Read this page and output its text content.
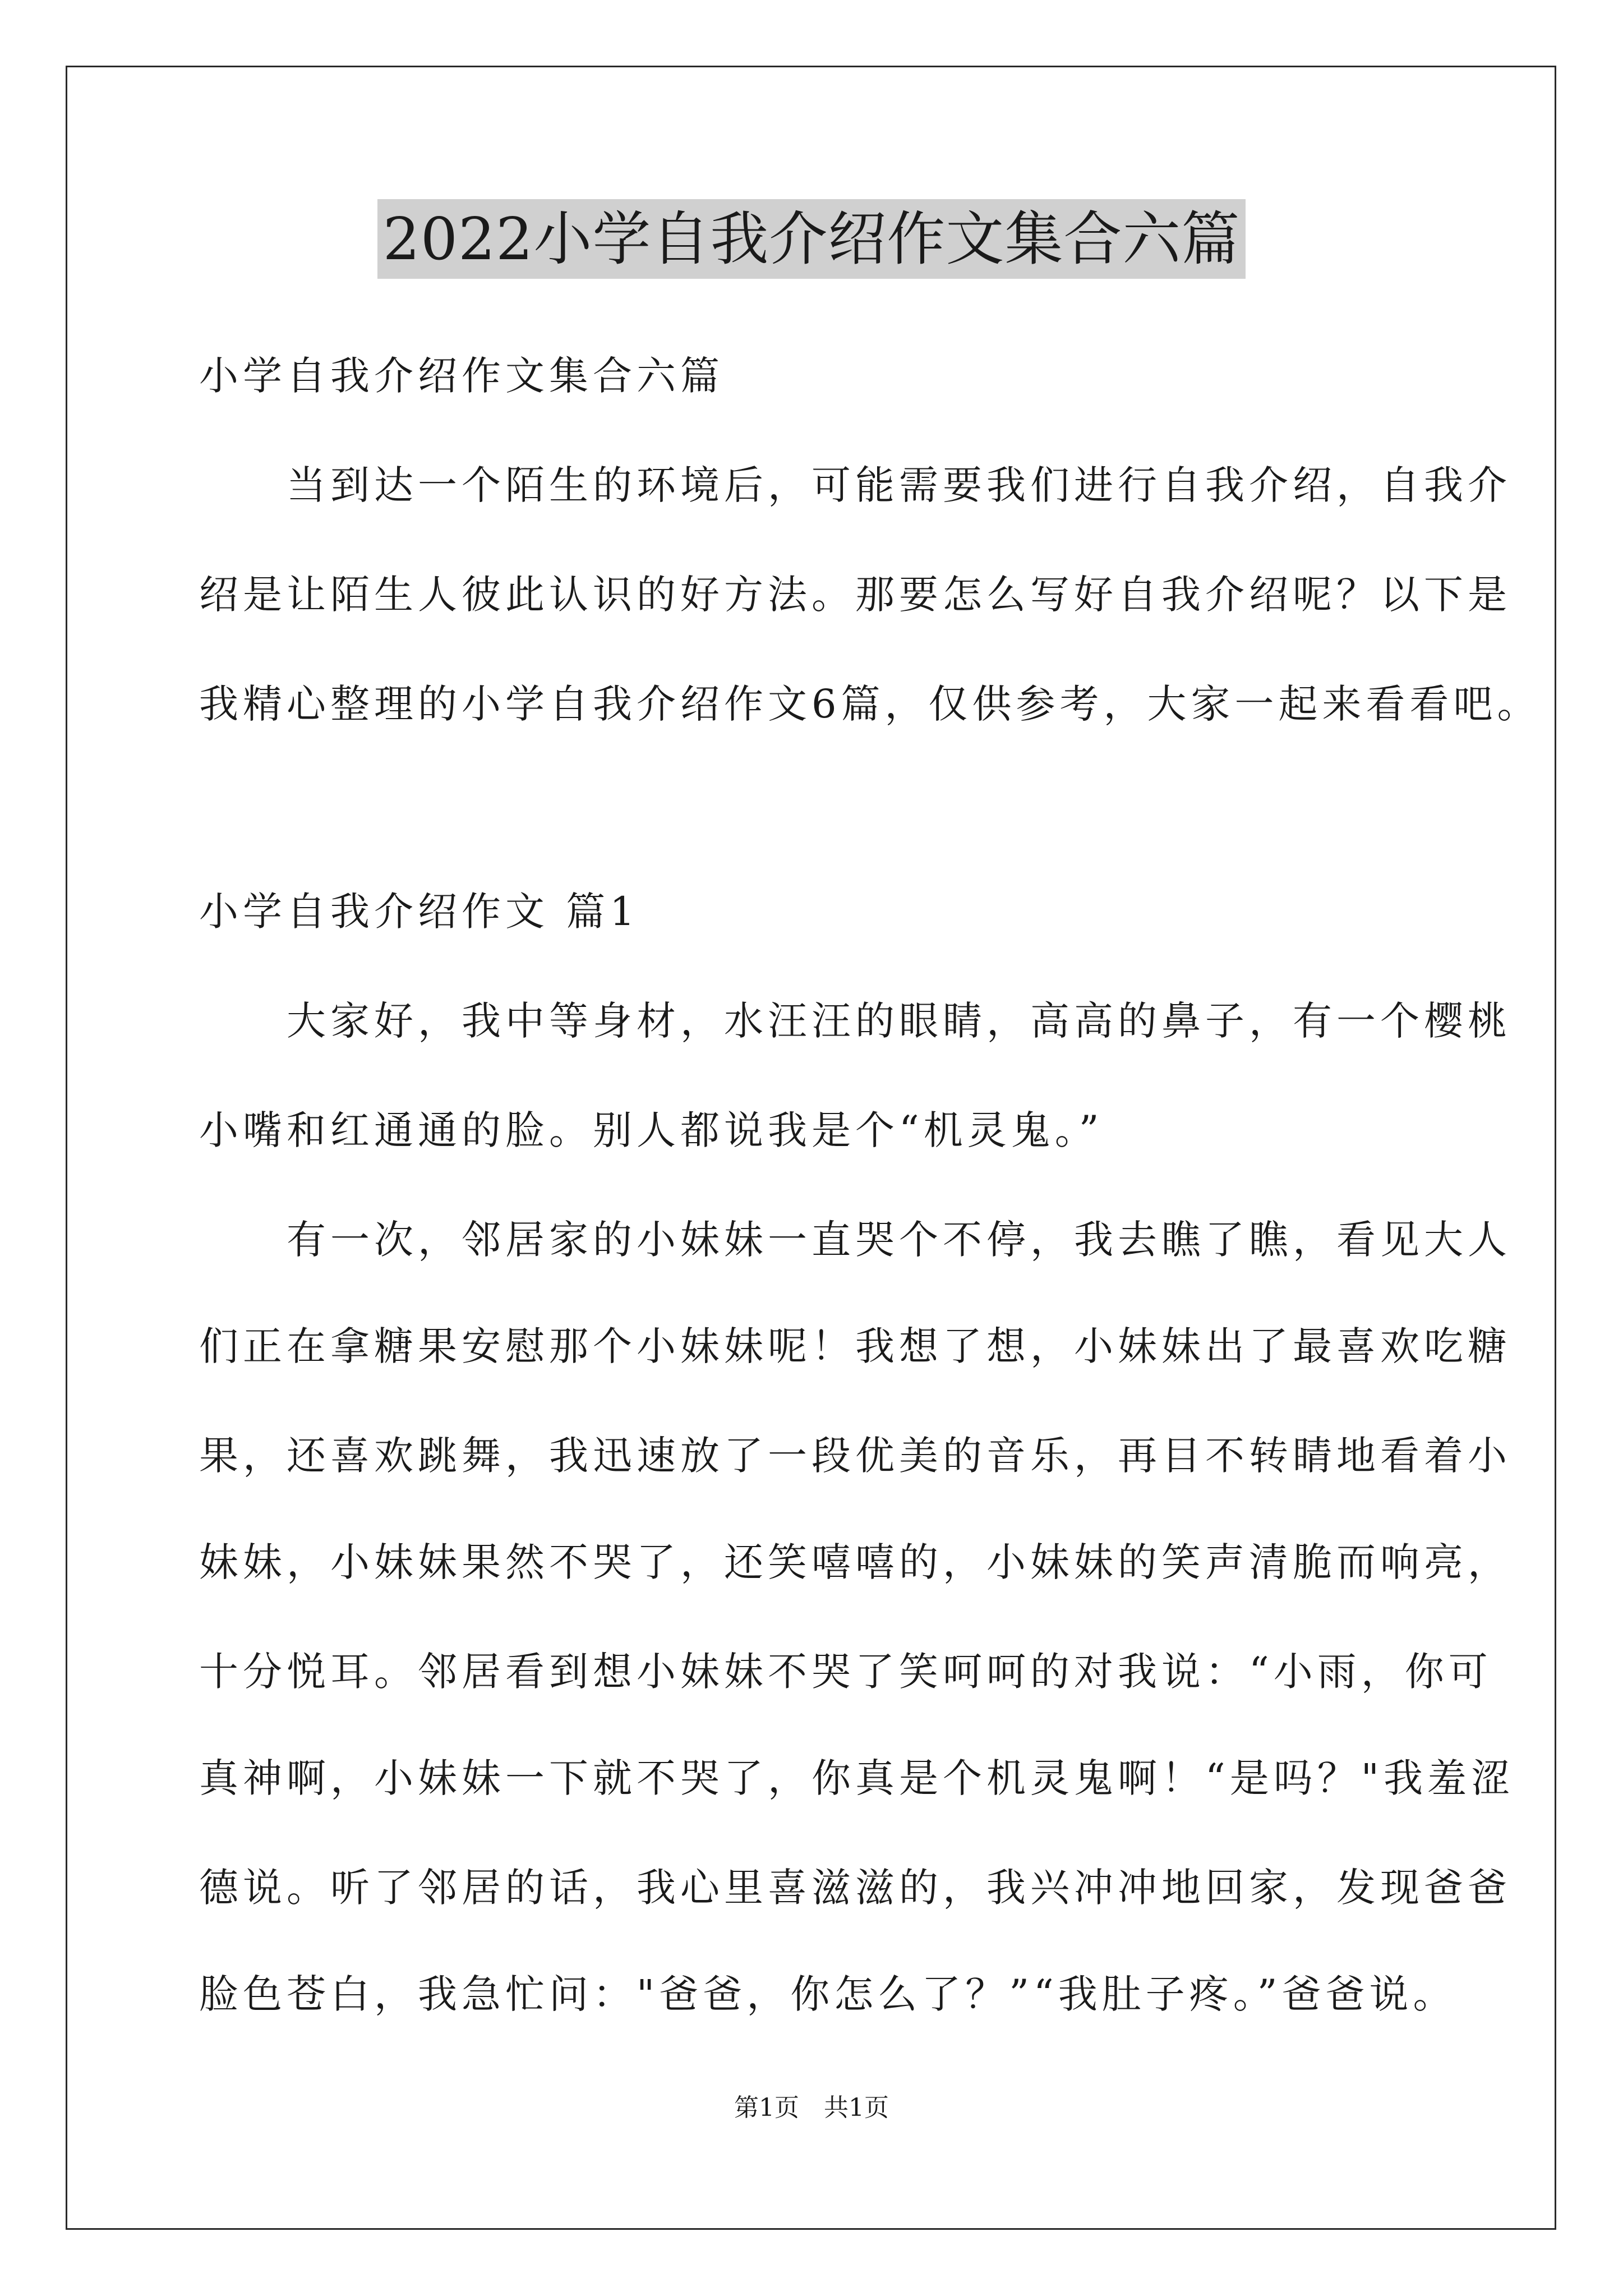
2022小学自我介绍作文集合六篇
小学自我介绍作文集合六篇
　　当到达一个陌生的环境后，可能需要我们进行自我介绍，自我介
绍是让陌生人彼此认识的好方法。那要怎么写好自我介绍呢？以下是
我精心整理的小学自我介绍作文6篇，仅供参考，大家一起来看看吧。
小学自我介绍作文 篇1
　　大家好，我中等身材，水汪汪的眼睛，高高的鼻子，有一个樱桃
小嘴和红通通的脸。别人都说我是个“机灵鬼。”
　　有一次，邻居家的小妹妹一直哭个不停，我去瞧了瞧，看见大人
们正在拿糖果安慰那个小妹妹呢！我想了想，小妹妹出了最喜欢吃糖
果，还喜欢跳舞，我迅速放了一段优美的音乐，再目不转睛地看着小
妹妹，小妹妹果然不哭了，还笑嘻嘻的，小妹妹的笑声清脆而响亮，
十分悦耳。邻居看到想小妹妹不哭了笑呵呵的对我说：“小雨，你可
真神啊，小妹妹一下就不哭了，你真是个机灵鬼啊！“是吗？"我羞涩
德说。听了邻居的话，我心里喜滋滋的，我兴冲冲地回家，发现爸爸
脸色苍白，我急忙问："爸爸，你怎么了？”“我肚子疼。”爸爸说。
第1页　共1页
